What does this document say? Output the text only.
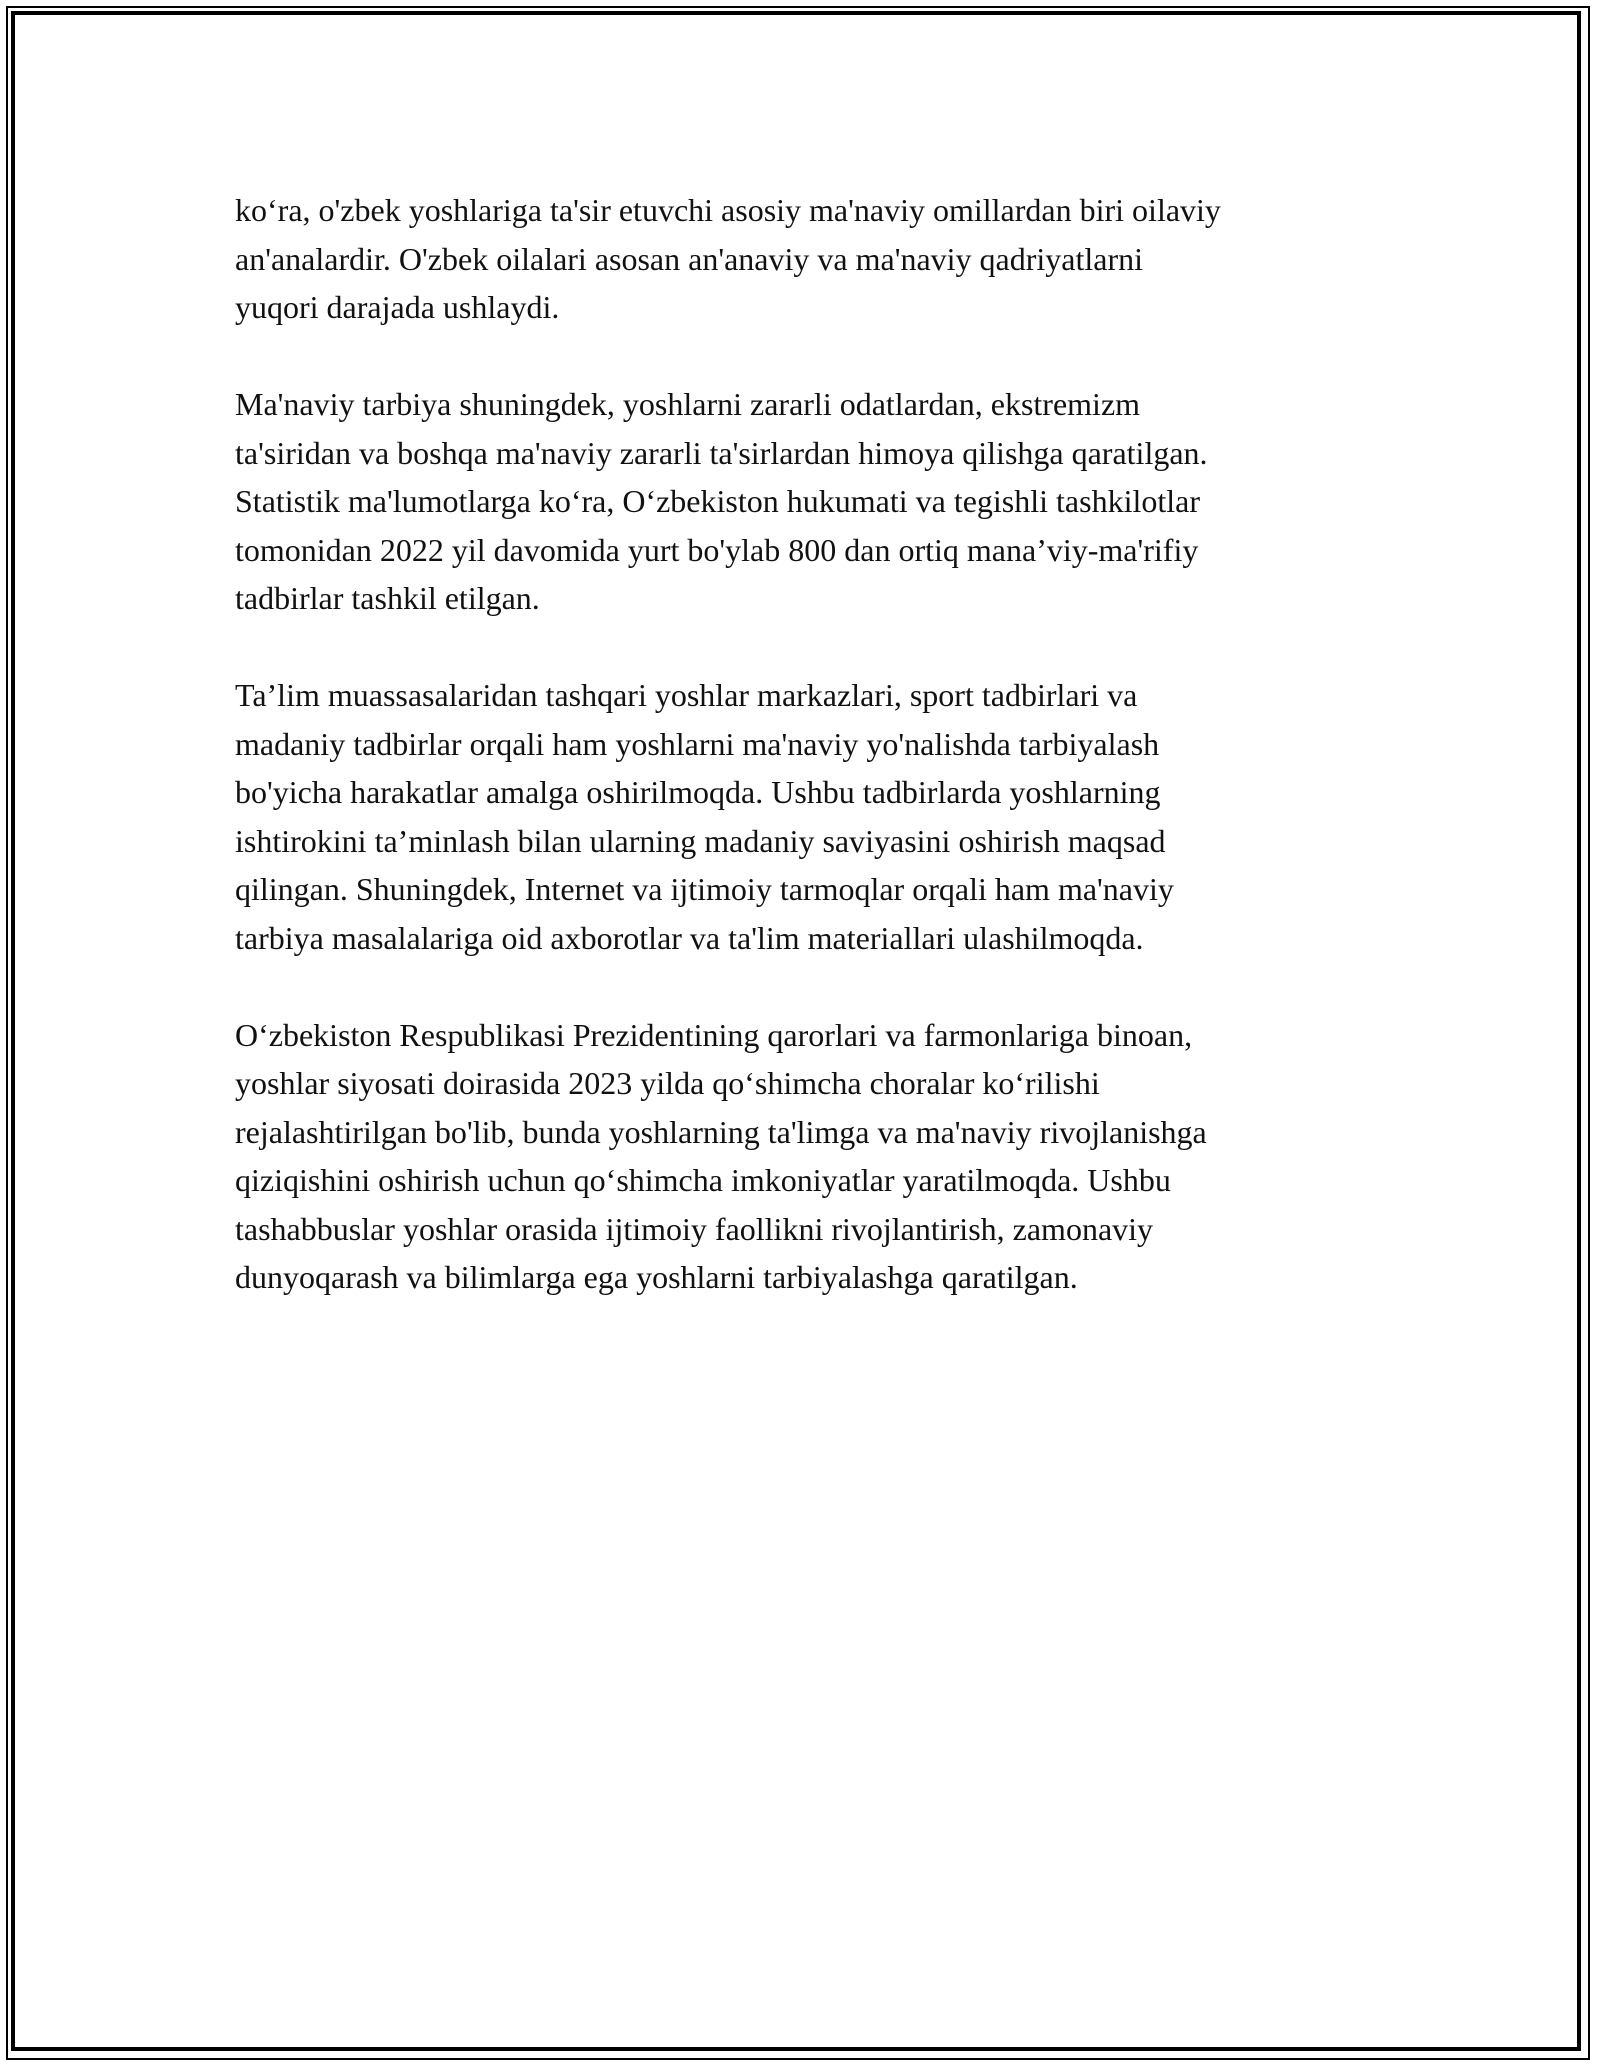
ko‘ra, o'zbek yoshlariga ta'sir etuvchi asosiy ma'naviy omillardan biri oilaviy
an'analardir. O'zbek oilalari asosan an'anaviy va ma'naviy qadriyatlarni
yuqori darajada ushlaydi.

Ma'naviy tarbiya shuningdek, yoshlarni zararli odatlardan, ekstremizm
ta'siridan va boshqa ma'naviy zararli ta'sirlardan himoya qilishga qaratilgan.
Statistik ma'lumotlarga ko‘ra, O‘zbekiston hukumati va tegishli tashkilotlar
tomonidan 2022 yil davomida yurt bo'ylab 800 dan ortiq mana’viy-ma'rifiy
tadbirlar tashkil etilgan.

Ta’lim muassasalaridan tashqari yoshlar markazlari, sport tadbirlari va
madaniy tadbirlar orqali ham yoshlarni ma'naviy yo'nalishda tarbiyalash
bo'yicha harakatlar amalga oshirilmoqda. Ushbu tadbirlarda yoshlarning
ishtirokini ta’minlash bilan ularning madaniy saviyasini oshirish maqsad
qilingan. Shuningdek, Internet va ijtimoiy tarmoqlar orqali ham ma'naviy
tarbiya masalalariga oid axborotlar va ta'lim materiallari ulashilmoqda.

O‘zbekiston Respublikasi Prezidentining qarorlari va farmonlariga binoan,
yoshlar siyosati doirasida 2023 yilda qo‘shimcha choralar ko‘rilishi
rejalashtirilgan bo'lib, bunda yoshlarning ta'limga va ma'naviy rivojlanishga
qiziqishini oshirish uchun qo‘shimcha imkoniyatlar yaratilmoqda. Ushbu
tashabbuslar yoshlar orasida ijtimoiy faollikni rivojlantirish, zamonaviy
dunyoqarash va bilimlarga ega yoshlarni tarbiyalashga qaratilgan.
